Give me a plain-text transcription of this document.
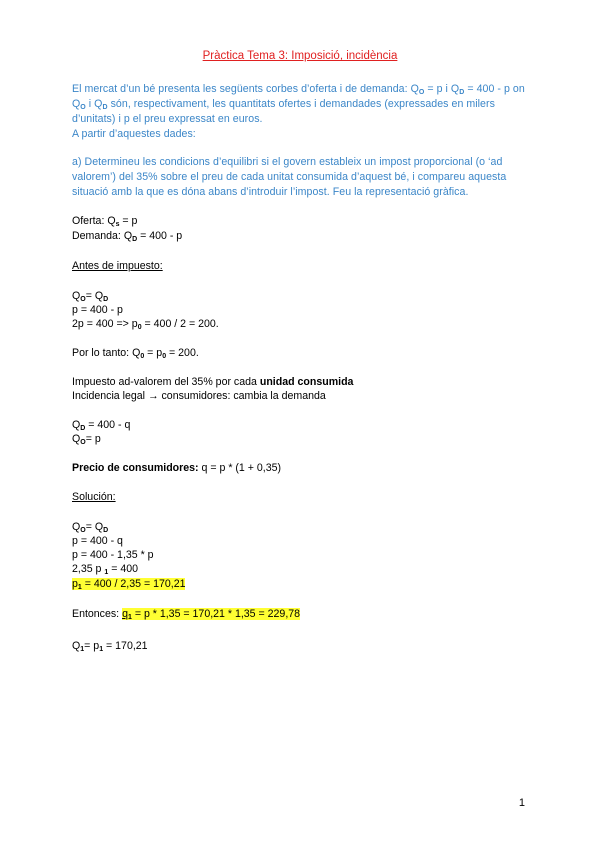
Pràctica Tema 3: Imposició, incidència
El mercat d’un bé presenta les següents corbes d’oferta i de demanda: $Q_O = p$ i $Q_D = 400 - p$ on $Q_O$ i $Q_D$ són, respectivament, les quantitats ofertes i demandades (expressades en milers d’unitats) i p el preu expressat en euros.
A partir d’aquestes dades:
a) Determineu les condicions d’equilibri si el govern estableix un impost proporcional (o ‘ad valorem’) del 35% sobre el preu de cada unitat consumida d’aquest bé, i compareu aquesta situació amb la que es dóna abans d’introduir l’impost. Feu la representació gràfica.
Oferta: $Q_s = p$
Demanda: $Q_D = 400 - p$
Antes de impuesto:
$Q_O= Q_D$
p = 400 - p
$2p = 400 => p_0 = 400 / 2 = 200$.
Por lo tanto: $Q_0 = p_0 = 200$.
Impuesto ad-valorem del 35% por cada unidad consumida
Incidencia legal → consumidores: cambia la demanda
$Q_D = 400 - q$
$Q_O= p$
Precio de consumidores: q = p * (1 + 0,35)
Solución:
$Q_O= Q_D$
p = 400 - q
p = 400 - 1,35 * p
2,35 p $_1$ = 400
$p_1 = 400 / 2,35 = 170,21$
Entonces: $q_1 = p * 1,35 = 170,21 * 1,35 = 229,78$
$Q_1= p_1 = 170,21$
1
